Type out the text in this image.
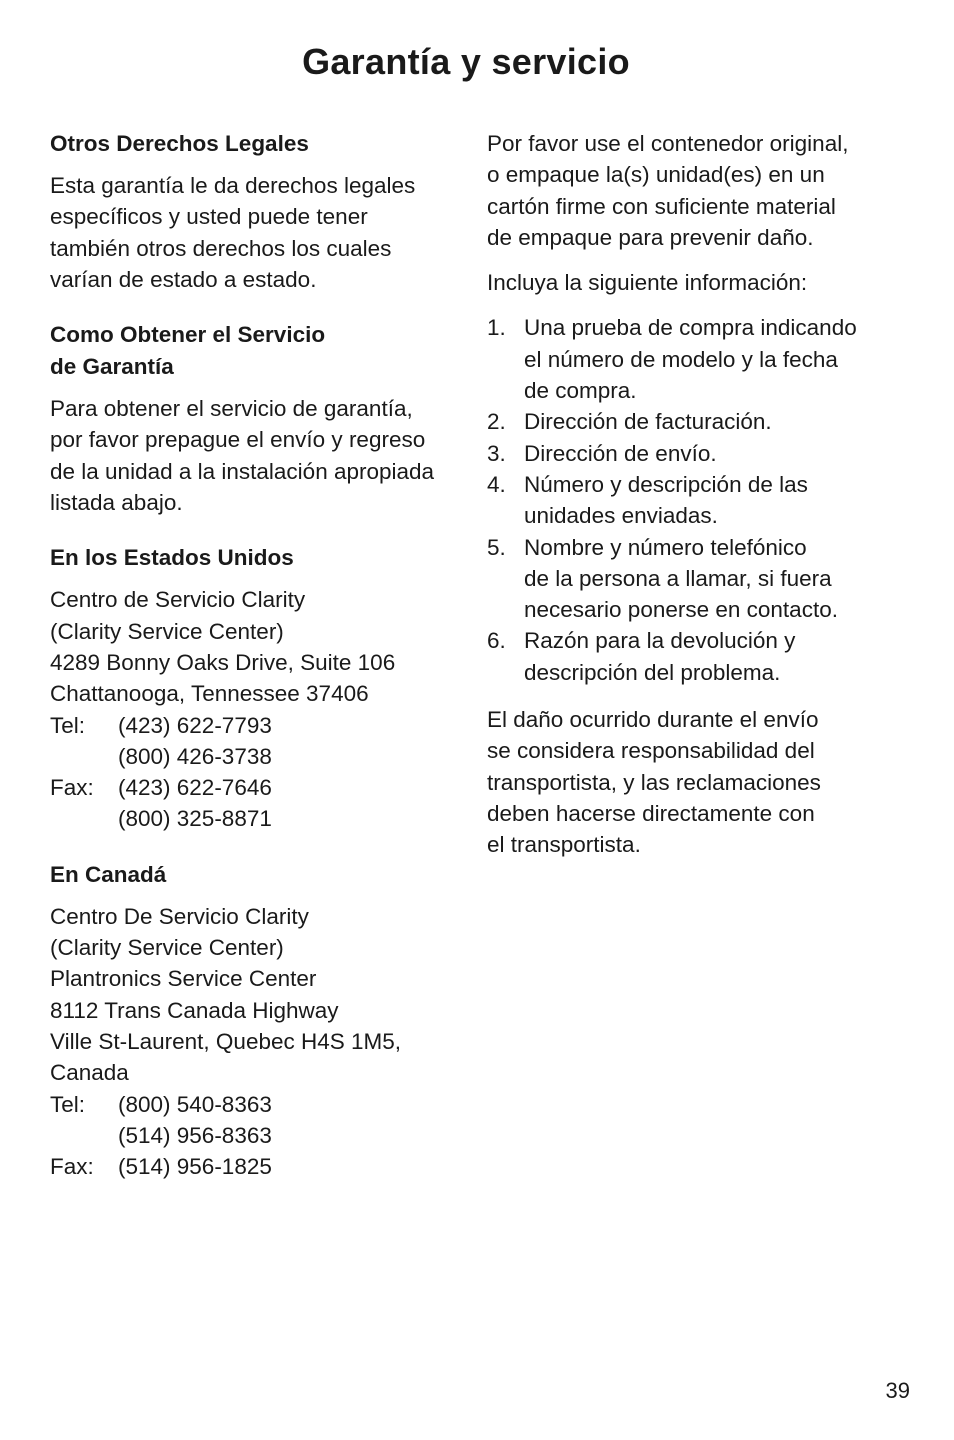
Garantía y servicio
Otros Derechos Legales
Esta garantía le da derechos legales
específicos y usted puede tener
también otros derechos los cuales
varían de estado a estado.
Como Obtener el Servicio
de Garantía
Para obtener el servicio de garantía,
por favor prepague el envío y regreso
de la unidad a la instalación apropiada
listada abajo.
En los Estados Unidos
Centro de Servicio Clarity
(Clarity Service Center)
4289 Bonny Oaks Drive, Suite 106
Chattanooga, Tennessee 37406
Tel:	(423) 622-7793
(800) 426-3738
Fax:	(423) 622-7646
(800) 325-8871
En Canadá
Centro De Servicio Clarity
(Clarity Service Center)
Plantronics Service Center
8112 Trans Canada Highway
Ville St-Laurent, Quebec H4S 1M5,
Canada
Tel:	(800) 540-8363
(514) 956-8363
Fax:	(514) 956-1825
Por favor use el contenedor original,
o empaque la(s) unidad(es) en un
cartón firme con suficiente material
de empaque para prevenir daño.
Incluya la siguiente información:
1. Una prueba de compra indicando
el número de modelo y la fecha
de compra.
2. Dirección de facturación.
3. Dirección de envío.
4. Número y descripción de las
unidades enviadas.
5. Nombre y número telefónico
de la persona a llamar, si fuera
necesario ponerse en contacto.
6. Razón para la devolución y
descripción del problema.
El daño ocurrido durante el envío
se considera responsabilidad del
transportista, y las reclamaciones
deben hacerse directamente con
el transportista.
39
